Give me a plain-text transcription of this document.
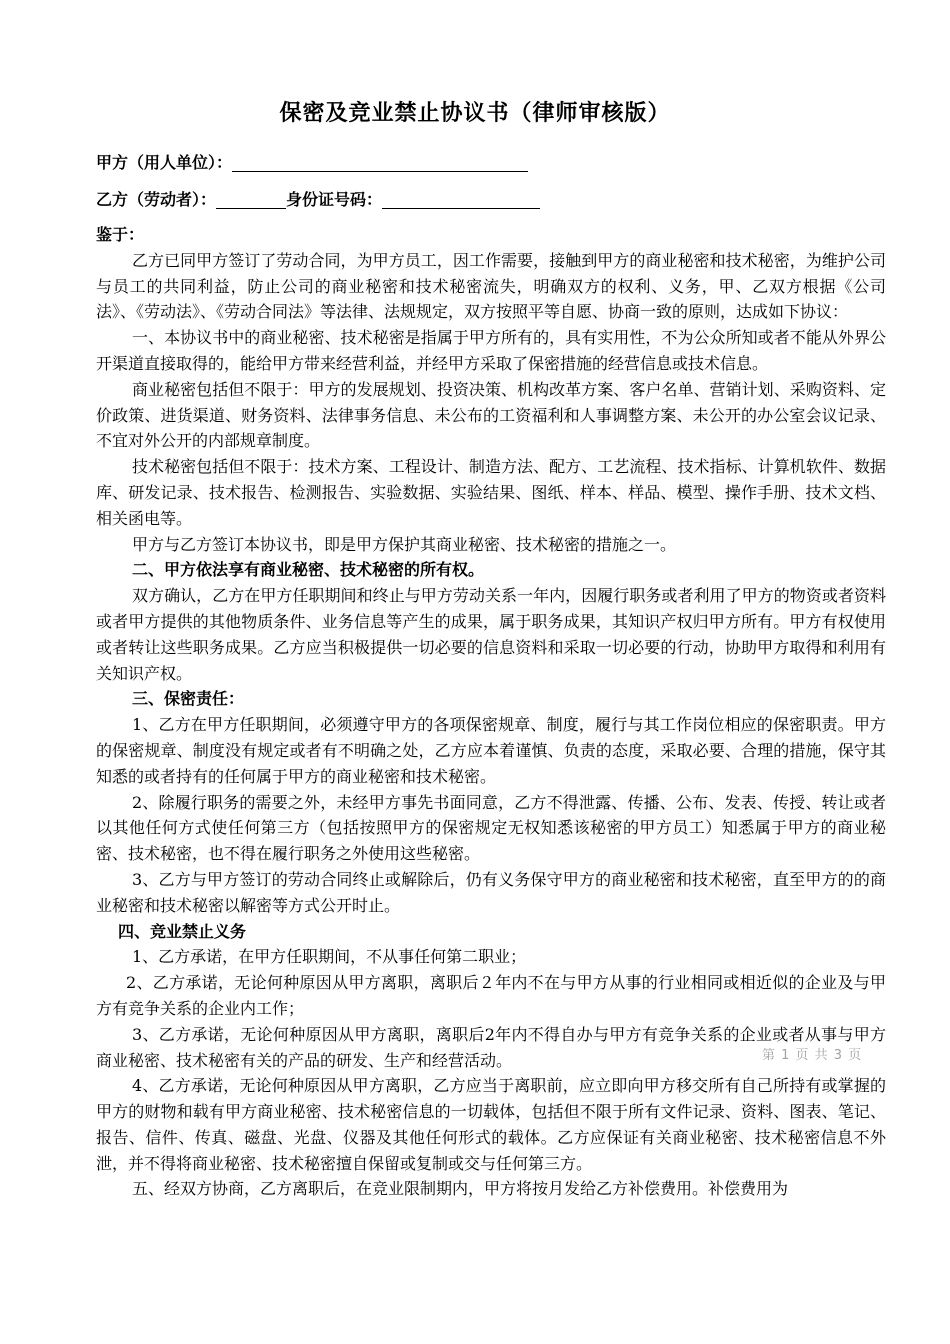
保密及竞业禁止协议书（律师审核版）
甲方（用人单位）：
乙方（劳动者）：	身份证号码：

鉴于：

乙方已同甲方签订了劳动合同，为甲方员工，因工作需要，接触到甲方的商业秘密和技术秘密，为维护公司与员工的共同利益，防止公司的商业秘密和技术秘密流失，明确双方的权利、义务，甲、乙双方根据《公司法》、《劳动法》、《劳动合同法》等法律、法规规定，双方按照平等自愿、协商一致的原则，达成如下协议：

一、本协议书中的商业秘密、技术秘密是指属于甲方所有的，具有实用性，不为公众所知或者不能从外界公开渠道直接取得的，能给甲方带来经营利益，并经甲方采取了保密措施的经营信息或技术信息。

商业秘密包括但不限于：甲方的发展规划、投资决策、机构改革方案、客户名单、营销计划、采购资料、定价政策、进货渠道、财务资料、法律事务信息、未公布的工资福利和人事调整方案、未公开的办公室会议记录、不宜对外公开的内部规章制度。

技术秘密包括但不限于：技术方案、工程设计、制造方法、配方、工艺流程、技术指标、计算机软件、数据库、研发记录、技术报告、检测报告、实验数据、实验结果、图纸、样本、样品、模型、操作手册、技术文档、相关函电等。

甲方与乙方签订本协议书，即是甲方保护其商业秘密、技术秘密的措施之一。

二、甲方依法享有商业秘密、技术秘密的所有权。

双方确认，乙方在甲方任职期间和终止与甲方劳动关系一年内，因履行职务或者利用了甲方的物资或者资料或者甲方提供的其他物质条件、业务信息等产生的成果，属于职务成果，其知识产权归甲方所有。甲方有权使用或者转让这些职务成果。乙方应当积极提供一切必要的信息资料和采取一切必要的行动，协助甲方取得和利用有关知识产权。

三、保密责任：

1、乙方在甲方任职期间，必须遵守甲方的各项保密规章、制度，履行与其工作岗位相应的保密职责。甲方的保密规章、制度没有规定或者有不明确之处，乙方应本着谨慎、负责的态度，采取必要、合理的措施，保守其知悉的或者持有的任何属于甲方的商业秘密和技术秘密。

2、除履行职务的需要之外，未经甲方事先书面同意，乙方不得泄露、传播、公布、发表、传授、转让或者以其他任何方式使任何第三方（包括按照甲方的保密规定无权知悉该秘密的甲方员工）知悉属于甲方的商业秘密、技术秘密，也不得在履行职务之外使用这些秘密。

3、乙方与甲方签订的劳动合同终止或解除后，仍有义务保守甲方的商业秘密和技术秘密，直至甲方的的商业秘密和技术秘密以解密等方式公开时止。

四、竞业禁止义务

1、乙方承诺，在甲方任职期间，不从事任何第二职业；

2、乙方承诺，无论何种原因从甲方离职，离职后２年内不在与甲方从事的行业相同或相近似的企业及与甲方有竞争关系的企业内工作；

3、乙方承诺，无论何种原因从甲方离职，离职后2年内不得自办与甲方有竞争关系的企业或者从事与甲方商业秘密、技术秘密有关的产品的研发、生产和经营活动。

4、乙方承诺，无论何种原因从甲方离职，乙方应当于离职前，应立即向甲方移交所有自己所持有或掌握的甲方的财物和载有甲方商业秘密、技术秘密信息的一切载体，包括但不限于所有文件记录、资料、图表、笔记、报告、信件、传真、磁盘、光盘、仪器及其他任何形式的载体。乙方应保证有关商业秘密、技术秘密信息不外泄，并不得将商业秘密、技术秘密擅自保留或复制或交与任何第三方。

五、经双方协商，乙方离职后，在竞业限制期内，甲方将按月发给乙方补偿费用。补偿费用为

第 1 页 共 3 页
